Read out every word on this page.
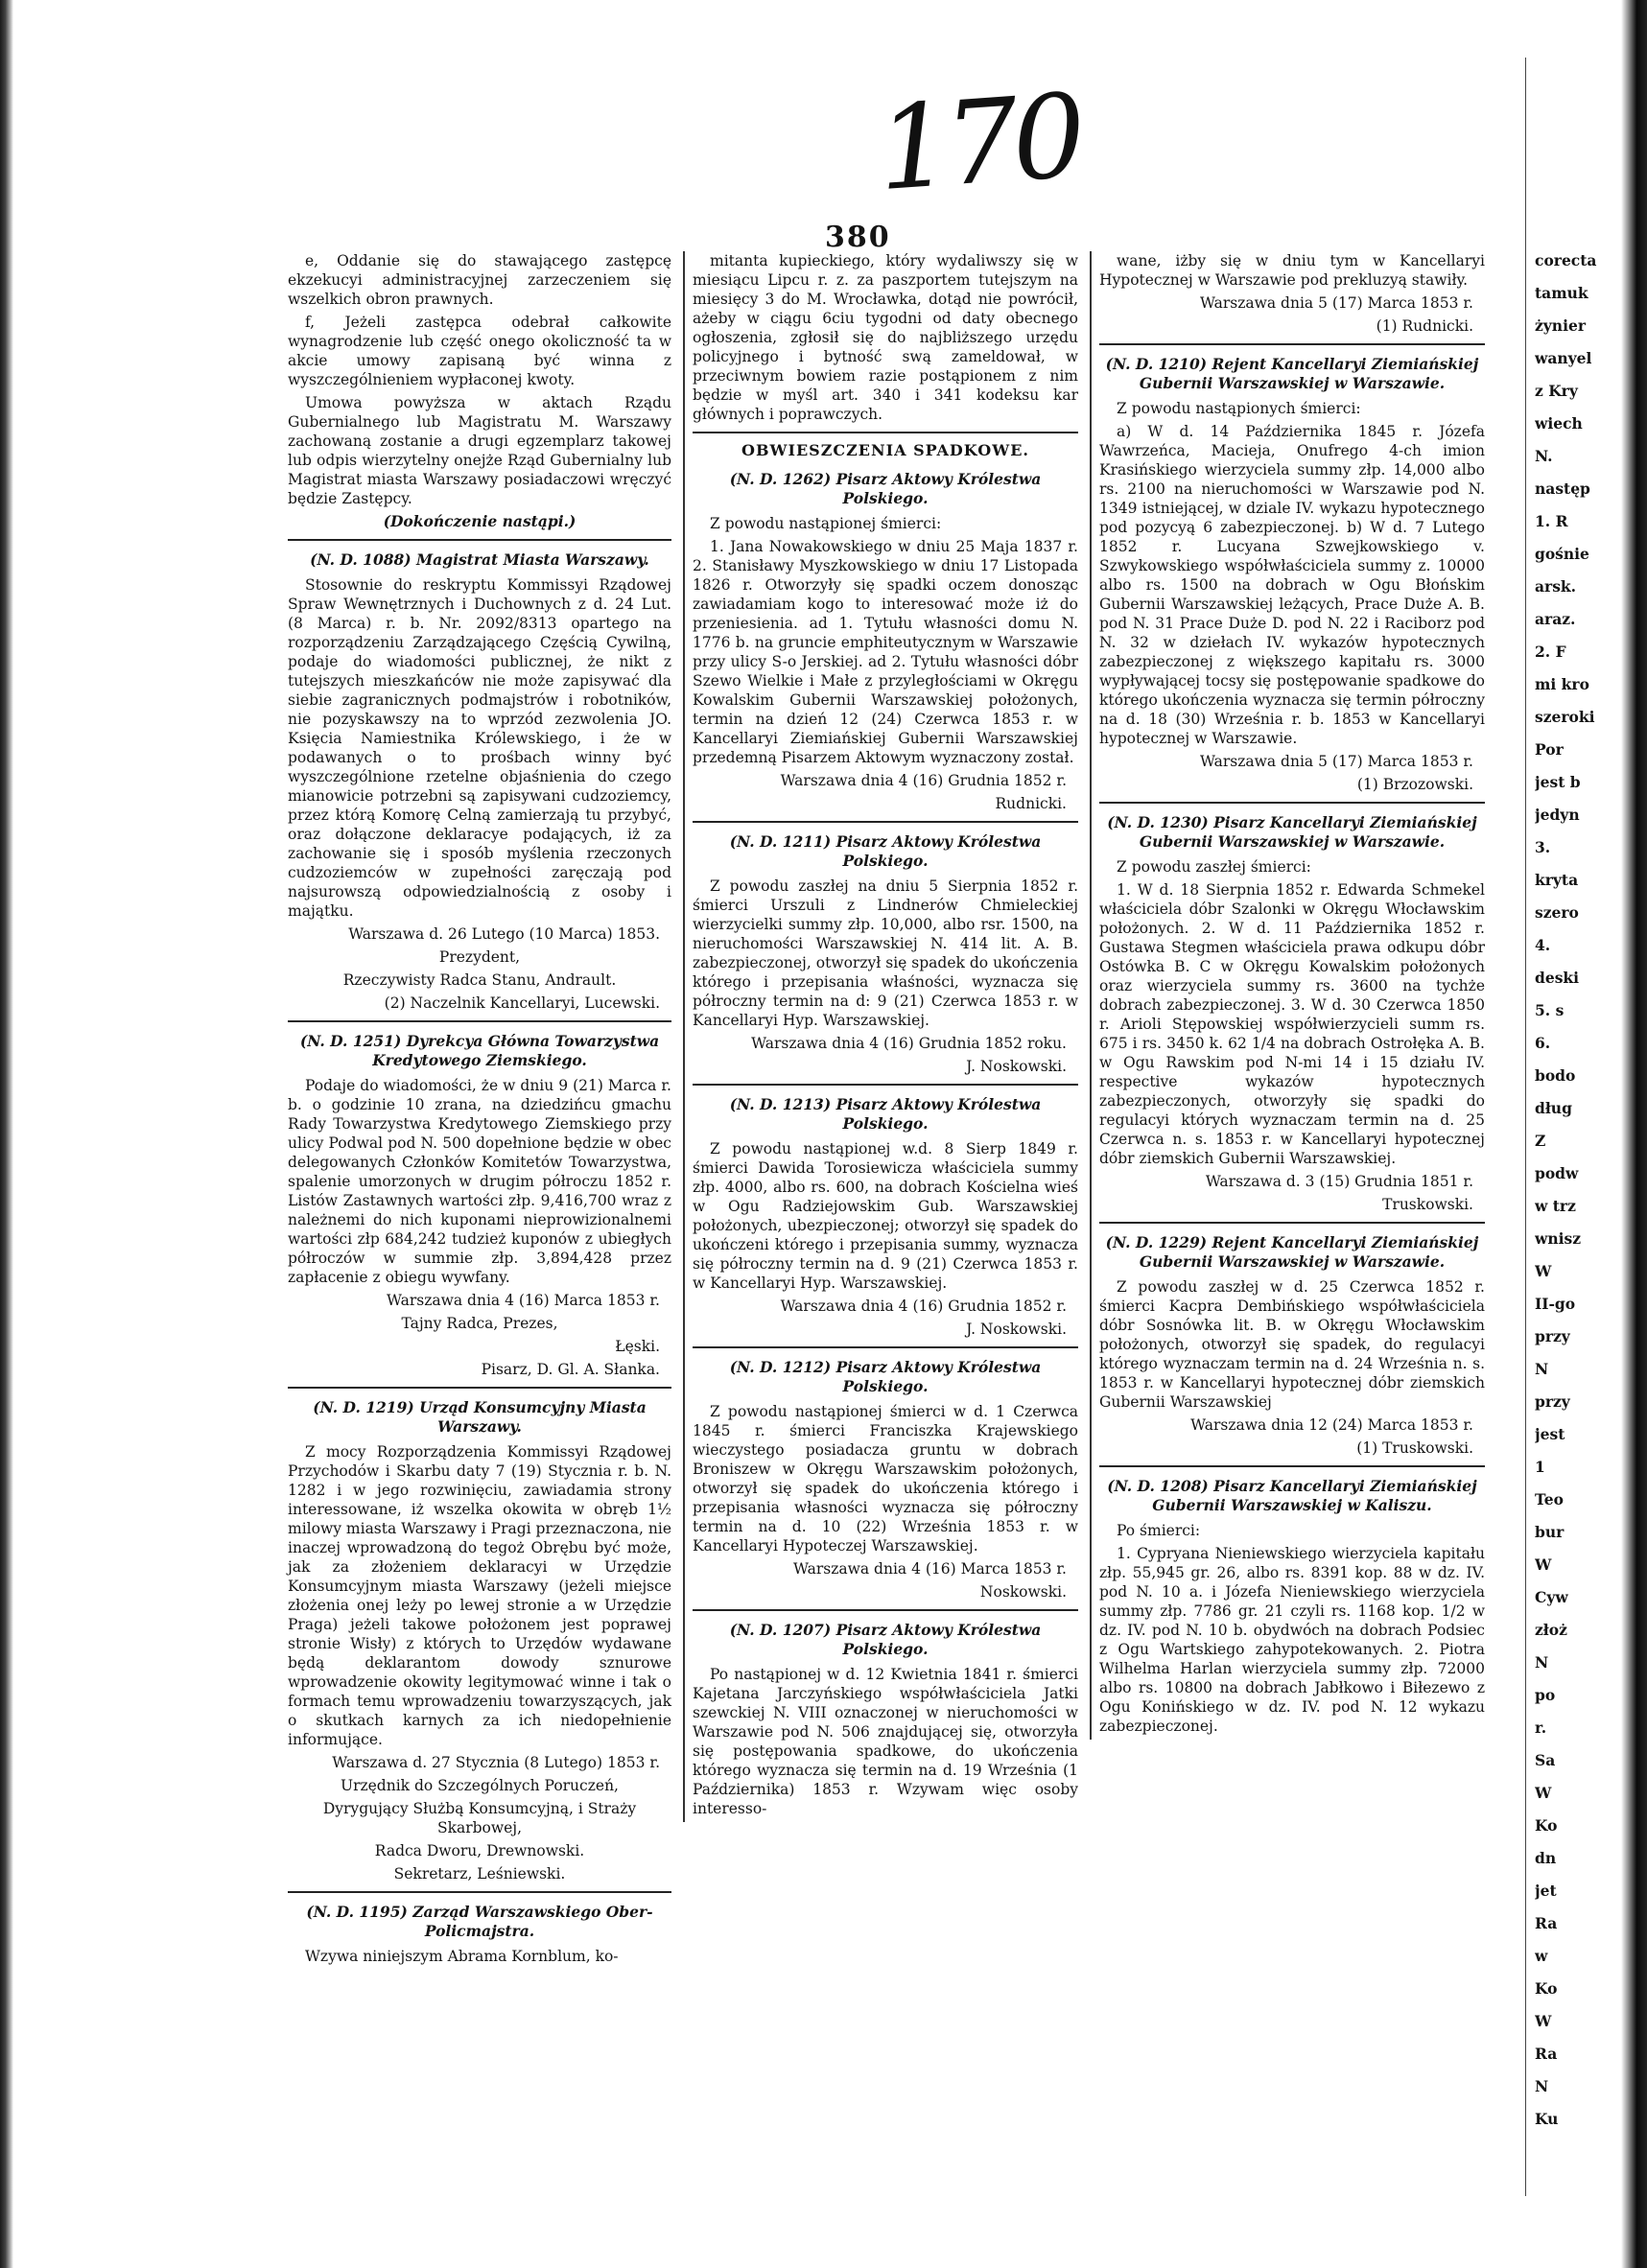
170
380

e, Oddanie się do stawającego zastępcę ekzekucyi administracyjnej zarzeczeniem się wszelkich obron prawnych.

f, Jeżeli zastępca odebrał całkowite wynagrodzenie lub część onego okoliczność ta w akcie umowy zapisaną być winna z wyszczególnieniem wypłaconej kwoty.

Umowa powyższa w aktach Rządu Gubernialnego lub Magistratu M. Warszawy zachowaną zostanie a drugi egzemplarz takowej lub odpis wierzytelny onejże Rząd Gubernialny lub Magistrat miasta Warszawy posiadaczowi wręczyć będzie Zastępcy.

(Dokończenie nastąpi.)

(N. D. 1088) Magistrat Miasta Warszawy.

Stosownie do reskryptu Kommissyi Rządowej Spraw Wewnętrznych i Duchownych z d. 24 Lut. (8 Marca) r. b. Nr. 2092/8313 opartego na rozporządzeniu Zarządzającego Częścią Cywilną, podaje do wiadomości publicznej, że nikt z tutejszych mieszkańców nie może zapisywać dla siebie zagranicznych podmajstrów i robotników, nie pozyskawszy na to wprzód zezwolenia JO. Księcia Namiestnika Królewskiego, i że w podawanych o to prośbach winny być wyszczególnione rzetelne objaśnienia do czego mianowicie potrzebni są zapisywani cudzoziemcy, przez którą Komorę Celną zamierzają tu przybyć, oraz dołączone deklaracye podających, iż za zachowanie się i sposób myślenia rzeczonych cudzoziemców w zupełności zaręczają pod najsurowszą odpowiedzialnością z osoby i majątku.

Warszawa d. 26 Lutego (10 Marca) 1853.

Prezydent,

Rzeczywisty Radca Stanu, Andrault.

(2) Naczelnik Kancellaryi, Lucewski.

(N. D. 1251) Dyrekcya Główna Towarzystwa Kredytowego Ziemskiego.

Podaje do wiadomości, że w dniu 9 (21) Marca r. b. o godzinie 10 zrana, na dziedzińcu gmachu Rady Towarzystwa Kredytowego Ziemskiego przy ulicy Podwal pod N. 500 dopełnione będzie w obec delegowanych Członków Komitetów Towarzystwa, spalenie umorzonych w drugim półroczu 1852 r. Listów Zastawnych wartości złp. 9,416,700 wraz z należnemi do nich kuponami nieprowizionalnemi wartości złp 684,242 tudzież kuponów z ubiegłych półroczów w summie złp. 3,894,428 przez zapłacenie z obiegu wywfany.

Warszawa dnia 4 (16) Marca 1853 r.

Tajny Radca, Prezes,

Łęski.

Pisarz, D. Gl. A. Słanka.

(N. D. 1219) Urząd Konsumcyjny Miasta Warszawy.

Z mocy Rozporządzenia Kommissyi Rządowej Przychodów i Skarbu daty 7 (19) Stycznia r. b. N. 1282 i w jego rozwinięciu, zawiadamia strony interessowane, iż wszelka okowita w obręb 1½ milowy miasta Warszawy i Pragi przeznaczona, nie inaczej wprowadzoną do tegoż Obrębu być może, jak za złożeniem deklaracyi w Urzędzie Konsumcyjnym miasta Warszawy (jeżeli miejsce złożenia onej leży po lewej stronie a w Urzędzie Praga) jeżeli takowe położonem jest poprawej stronie Wisły) z których to Urzędów wydawane będą deklarantom dowody sznurowe wprowadzenie okowity legitymować winne i tak o formach temu wprowadzeniu towarzyszących, jak o skutkach karnych za ich niedopełnienie informujące.

Warszawa d. 27 Stycznia (8 Lutego) 1853 r.

Urzędnik do Szczególnych Poruczeń,

Dyrygujący Służbą Konsumcyjną, i Straży Skarbowej,

Radca Dworu, Drewnowski.

Sekretarz, Leśniewski.

(N. D. 1195) Zarząd Warszawskiego Ober-Policmajstra.

Wzywa niniejszym Abrama Kornblum, ko-

mitanta kupieckiego, który wydaliwszy się w miesiącu Lipcu r. z. za paszportem tutejszym na miesięcy 3 do M. Wrocławka, dotąd nie powrócił, ażeby w ciągu 6ciu tygodni od daty obecnego ogłoszenia, zgłosił się do najbliższego urzędu policyjnego i bytność swą zameldował, w przeciwnym bowiem razie postąpionem z nim będzie w myśl art. 340 i 341 kodeksu kar głównych i poprawczych.

OBWIESZCZENIA SPADKOWE.
(N. D. 1262) Pisarz Aktowy Królestwa Polskiego.

Z powodu nastąpionej śmierci:

1. Jana Nowakowskiego w dniu 25 Maja 1837 r. 2. Stanisławy Myszkowskiego w dniu 17 Listopada 1826 r. Otworzyły się spadki oczem donosząc zawiadamiam kogo to interesować może iż do przeniesienia. ad 1. Tytułu własności domu N. 1776 b. na gruncie emphiteutycznym w Warszawie przy ulicy S-o Jerskiej. ad 2. Tytułu własności dóbr Szewo Wielkie i Małe z przyległościami w Okręgu Kowalskim Gubernii Warszawskiej położonych, termin na dzień 12 (24) Czerwca 1853 r. w Kancellaryi Ziemiańskiej Gubernii Warszawskiej przedemną Pisarzem Aktowym wyznaczony został.

Warszawa dnia 4 (16) Grudnia 1852 r.

Rudnicki.

(N. D. 1211) Pisarz Aktowy Królestwa Polskiego.

Z powodu zaszłej na dniu 5 Sierpnia 1852 r. śmierci Urszuli z Lindnerów Chmieleckiej wierzycielki summy złp. 10,000, albo rsr. 1500, na nieruchomości Warszawskiej N. 414 lit. A. B. zabezpieczonej, otworzył się spadek do ukończenia którego i przepisania właśności, wyznacza się półroczny termin na d: 9 (21) Czerwca 1853 r. w Kancellaryi Hyp. Warszawskiej.

Warszawa dnia 4 (16) Grudnia 1852 roku.

J. Noskowski.

(N. D. 1213) Pisarz Aktowy Królestwa Polskiego.

Z powodu nastąpionej w.d. 8 Sierp 1849 r. śmierci Dawida Torosiewicza właściciela summy złp. 4000, albo rs. 600, na dobrach Kościelna wieś w Ogu Radziejowskim Gub. Warszawskiej położonych, ubezpieczonej; otworzył się spadek do ukończeni którego i przepisania summy, wyznacza się półroczny termin na d. 9 (21) Czerwca 1853 r. w Kancellaryi Hyp. Warszawskiej.

Warszawa dnia 4 (16) Grudnia 1852 r.

J. Noskowski.

(N. D. 1212) Pisarz Aktowy Królestwa Polskiego.

Z powodu nastąpionej śmierci w d. 1 Czerwca 1845 r. śmierci Franciszka Krajewskiego wieczystego posiadacza gruntu w dobrach Broniszew w Okręgu Warszawskim położonych, otworzył się spadek do ukończenia którego i przepisania własności wyznacza się półroczny termin na d. 10 (22) Września 1853 r. w Kancellaryi Hypoteczej Warszawskiej.

Warszawa dnia 4 (16) Marca 1853 r.

Noskowski.

(N. D. 1207) Pisarz Aktowy Królestwa Polskiego.

Po nastąpionej w d. 12 Kwietnia 1841 r. śmierci Kajetana Jarczyńskiego współwłaściciela Jatki szewckiej N. VIII oznaczonej w nieruchomości w Warszawie pod N. 506 znajdującej się, otworzyła się postępowania spadkowe, do ukończenia którego wyznacza się termin na d. 19 Września (1 Października) 1853 r. Wzywam więc osoby interesso-

wane, iżby się w dniu tym w Kancellaryi Hypotecznej w Warszawie pod prekluzyą stawiły.

Warszawa dnia 5 (17) Marca 1853 r.

(1) Rudnicki.

(N. D. 1210) Rejent Kancellaryi Ziemiańskiej Gubernii Warszawskiej w Warszawie.

Z powodu nastąpionych śmierci:

a) W d. 14 Października 1845 r. Józefa Wawrzeńca, Macieja, Onufrego 4-ch imion Krasińskiego wierzyciela summy złp. 14,000 albo rs. 2100 na nieruchomości w Warszawie pod N. 1349 istniejącej, w dziale IV. wykazu hypotecznego pod pozycyą 6 zabezpieczonej. b) W d. 7 Lutego 1852 r. Lucyana Szwejkowskiego v. Szwykowskiego współwłaściciela summy z. 10000 albo rs. 1500 na dobrach w Ogu Błońskim Gubernii Warszawskiej leżących, Prace Duże A. B. pod N. 31 Prace Duże D. pod N. 22 i Raciborz pod N. 32 w dziełach IV. wykazów hypotecznych zabezpieczonej z większego kapitału rs. 3000 wypływającej tocsy się postępowanie spadkowe do którego ukończenia wyznacza się termin półroczny na d. 18 (30) Września r. b. 1853 w Kancellaryi hypotecznej w Warszawie.

Warszawa dnia 5 (17) Marca 1853 r.

(1) Brzozowski.

(N. D. 1230) Pisarz Kancellaryi Ziemiańskiej Gubernii Warszawskiej w Warszawie.

Z powodu zaszłej śmierci:

1. W d. 18 Sierpnia 1852 r. Edwarda Schmekel właściciela dóbr Szalonki w Okręgu Włocławskim położonych. 2. W d. 11 Października 1852 r. Gustawa Stegmen właściciela prawa odkupu dóbr Ostówka B. C w Okręgu Kowalskim położonych oraz wierzyciela summy rs. 3600 na tychże dobrach zabezpieczonej. 3. W d. 30 Czerwca 1850 r. Arioli Stępowskiej współwierzycieli summ rs. 675 i rs. 3450 k. 62 1/4 na dobrach Ostrołęka A. B. w Ogu Rawskim pod N-mi 14 i 15 działu IV. respective wykazów hypotecznych zabezpieczonych, otworzyły się spadki do regulacyi których wyznaczam termin na d. 25 Czerwca n. s. 1853 r. w Kancellaryi hypotecznej dóbr ziemskich Gubernii Warszawskiej.

Warszawa d. 3 (15) Grudnia 1851 r.

Truskowski.

(N. D. 1229) Rejent Kancellaryi Ziemiańskiej Gubernii Warszawskiej w Warszawie.

Z powodu zaszłej w d. 25 Czerwca 1852 r. śmierci Kacpra Dembińskiego współwłaściciela dóbr Sosnówka lit. B. w Okręgu Włocławskim położonych, otworzył się spadek, do regulacyi którego wyznaczam termin na d. 24 Września n. s. 1853 r. w Kancellaryi hypotecznej dóbr ziemskich Gubernii Warszawskiej

Warszawa dnia 12 (24) Marca 1853 r.

(1) Truskowski.

(N. D. 1208) Pisarz Kancellaryi Ziemiańskiej Gubernii Warszawskiej w Kaliszu.

Po śmierci:

1. Cypryana Nieniewskiego wierzyciela kapitału złp. 55,945 gr. 26, albo rs. 8391 kop. 88 w dz. IV. pod N. 10 a. i Józefa Nieniewskiego wierzyciela summy złp. 7786 gr. 21 czyli rs. 1168 kop. 1/2 w dz. IV. pod N. 10 b. obydwóch na dobrach Podsiec z Ogu Wartskiego zahypotekowanych. 2. Piotra Wilhelma Harlan wierzyciela summy złp. 72000 albo rs. 10800 na dobrach Jabłkowo i Biłezewo z Ogu Konińskiego w dz. IV. pod N. 12 wykazu zabezpieczonej.

corecta
tamuk
żynier
wanyel
z Kry
wiech
N.
następ
1. R
gośnie
arsk.
araz.
2. F
mi kro
szeroki
Por
jest b
jedyn
3.
kryta
szero
4.
deski
5. s
6.
bodo
dług
Z
podw
w trz
wnisz
W
II-go
przy
N
przy
jest
1
Teo
bur
W
Cyw
złoż
N
po
r.
Sa
W
Ko
dn
jet
Ra
w
Ko
W
Ra
N
Ku
